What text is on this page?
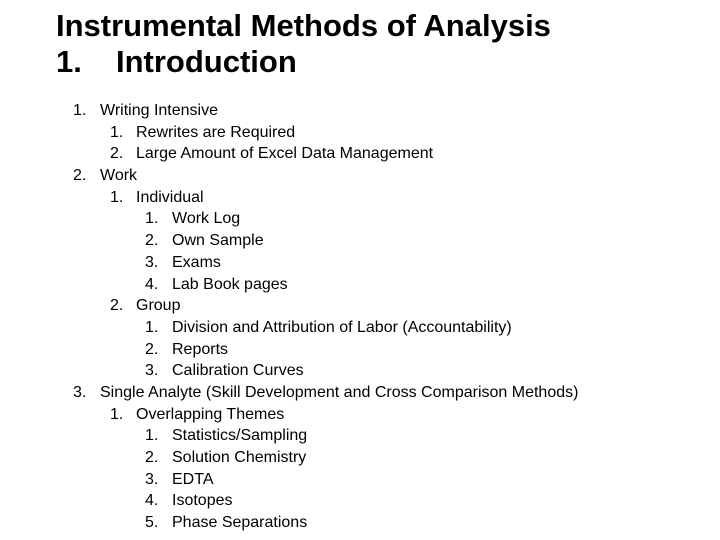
Instrumental Methods of Analysis
1. Introduction
1. Writing Intensive
1. Rewrites are Required
2. Large Amount of Excel Data Management
2. Work
1. Individual
1. Work Log
2. Own Sample
3. Exams
4. Lab Book pages
2. Group
1. Division and Attribution of Labor (Accountability)
2. Reports
3. Calibration Curves
3. Single Analyte (Skill Development and Cross Comparison Methods)
1. Overlapping Themes
1. Statistics/Sampling
2. Solution Chemistry
3. EDTA
4. Isotopes
5. Phase Separations
